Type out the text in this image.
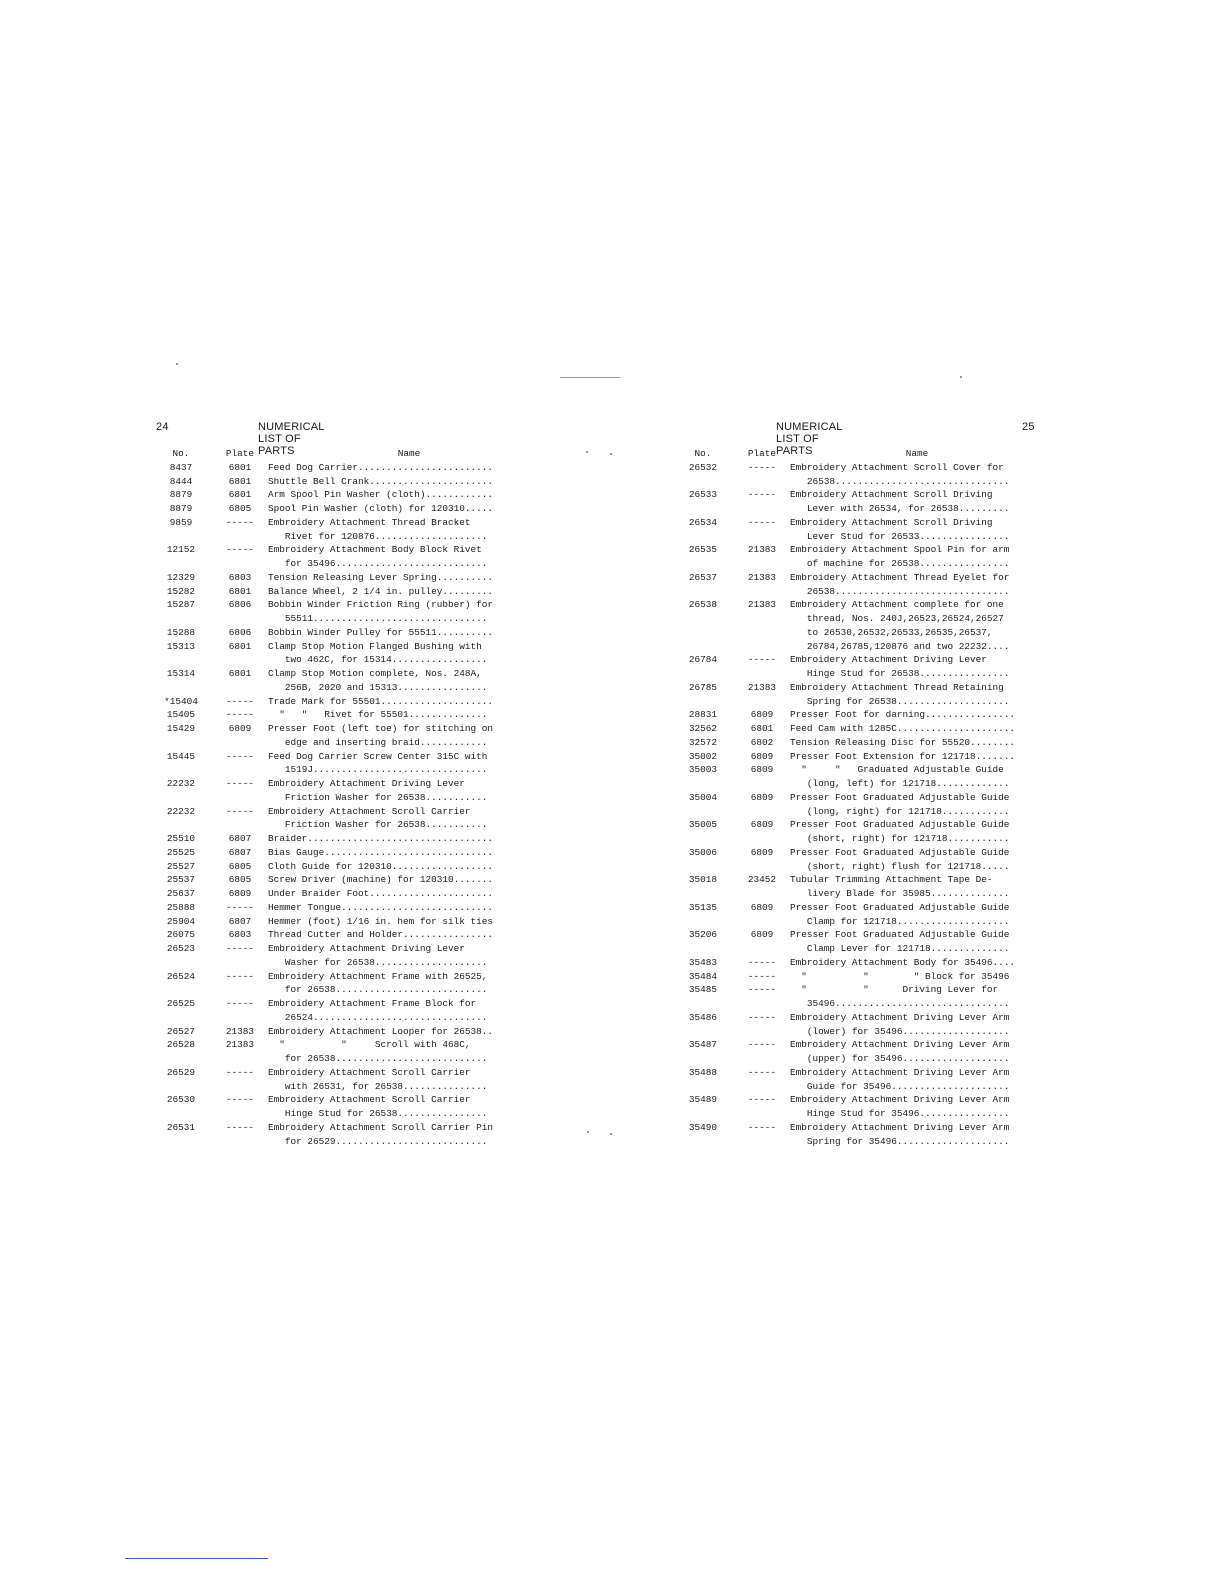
24	NUMERICAL LIST OF PARTS
No.	Plate	Name
8437	6801	Feed Dog Carrier........................
8444	6801	Shuttle Bell Crank......................
8879	6801	Arm Spool Pin Washer (cloth)............
8879	6805	Spool Pin Washer (cloth) for 120310.....
9859	-----	Embroidery Attachment Thread Bracket
Rivet for 120876....................
12152	-----	Embroidery Attachment Body Block Rivet
for 35496...........................
12329	6803	Tension Releasing Lever Spring..........
15282	6801	Balance Wheel, 2 1/4 in. pulley.........
15287	6806	Bobbin Winder Friction Ring (rubber) for
55511...............................
15288	6806	Bobbin Winder Pulley for 55511..........
15313	6801	Clamp Stop Motion Flanged Bushing with
two 462C, for 15314.................
15314	6801	Clamp Stop Motion complete, Nos. 248A,
256B, 2020 and 15313................
*15404	-----	Trade Mark for 55501....................
15405	-----	"   "   Rivet for 55501..............
15429	6809	Presser Foot (left toe) for stitching on
edge and inserting braid............
15445	-----	Feed Dog Carrier Screw Center 315C with
1519J...............................
22232	-----	Embroidery Attachment Driving Lever
Friction Washer for 26538...........
22232	-----	Embroidery Attachment Scroll Carrier
Friction Washer for 26538...........
25510	6807	Braider.................................
25525	6807	Bias Gauge..............................
25527	6805	Cloth Guide for 120310..................
25537	6805	Screw Driver (machine) for 120310.......
25637	6809	Under Braider Foot......................
25888	-----	Hemmer Tongue...........................
25904	6807	Hemmer (foot) 1/16 in. hem for silk ties
26075	6803	Thread Cutter and Holder................
26523	-----	Embroidery Attachment Driving Lever
Washer for 26538....................
26524	-----	Embroidery Attachment Frame with 26525,
for 26538...........................
26525	-----	Embroidery Attachment Frame Block for
26524...............................
26527	21383	Embroidery Attachment Looper for 26538..
26528	21383	"          "     Scroll with 468C,
for 26538...........................
26529	-----	Embroidery Attachment Scroll Carrier
with 26531, for 26538...............
26530	-----	Embroidery Attachment Scroll Carrier
Hinge Stud for 26538................
26531	-----	Embroidery Attachment Scroll Carrier Pin
for 26529...........................
NUMERICAL LIST OF PARTS
25
No.	Plate	Name
26532	-----	Embroidery Attachment Scroll Cover for
26538...............................
26533	-----	Embroidery Attachment Scroll Driving
Lever with 26534, for 26538.........
26534	-----	Embroidery Attachment Scroll Driving
Lever Stud for 26533................
26535	21383	Embroidery Attachment Spool Pin for arm
of machine for 26538................
26537	21383	Embroidery Attachment Thread Eyelet for
26538...............................
26538	21383	Embroidery Attachment complete for one
thread, Nos. 240J,26523,26524,26527
to 26530,26532,26533,26535,26537,
26784,26785,120876 and two 22232....
26784	-----	Embroidery Attachment Driving Lever
Hinge Stud for 26538................
26785	21383	Embroidery Attachment Thread Retaining
Spring for 26538....................
28831	6809	Presser Foot for darning................
32562	6801	Feed Cam with 1285C.....................
32572	6802	Tension Releasing Disc for 55520........
35002	6809	Presser Foot Extension for 121718.......
35003	6809	"     "   Graduated Adjustable Guide
(long, left) for 121718.............
35004	6809	Presser Foot Graduated Adjustable Guide
(long, right) for 121718............
35005	6809	Presser Foot Graduated Adjustable Guide
(short, right) for 121718...........
35006	6809	Presser Foot Graduated Adjustable Guide
(short, right) flush for 121718.....
35018	23452	Tubular Trimming Attachment Tape De-
livery Blade for 35985..............
35135	6809	Presser Foot Graduated Adjustable Guide
Clamp for 121718....................
35206	6809	Presser Foot Graduated Adjustable Guide
Clamp Lever for 121718..............
35483	-----	Embroidery Attachment Body for 35496....
35484	-----	"          "        " Block for 35496
35485	-----	"          "      Driving Lever for
35496...............................
35486	-----	Embroidery Attachment Driving Lever Arm
(lower) for 35496...................
35487	-----	Embroidery Attachment Driving Lever Arm
(upper) for 35496...................
35488	-----	Embroidery Attachment Driving Lever Arm
Guide for 35496.....................
35489	-----	Embroidery Attachment Driving Lever Arm
Hinge Stud for 35496................
35490	-----	Embroidery Attachment Driving Lever Arm
Spring for 35496....................
